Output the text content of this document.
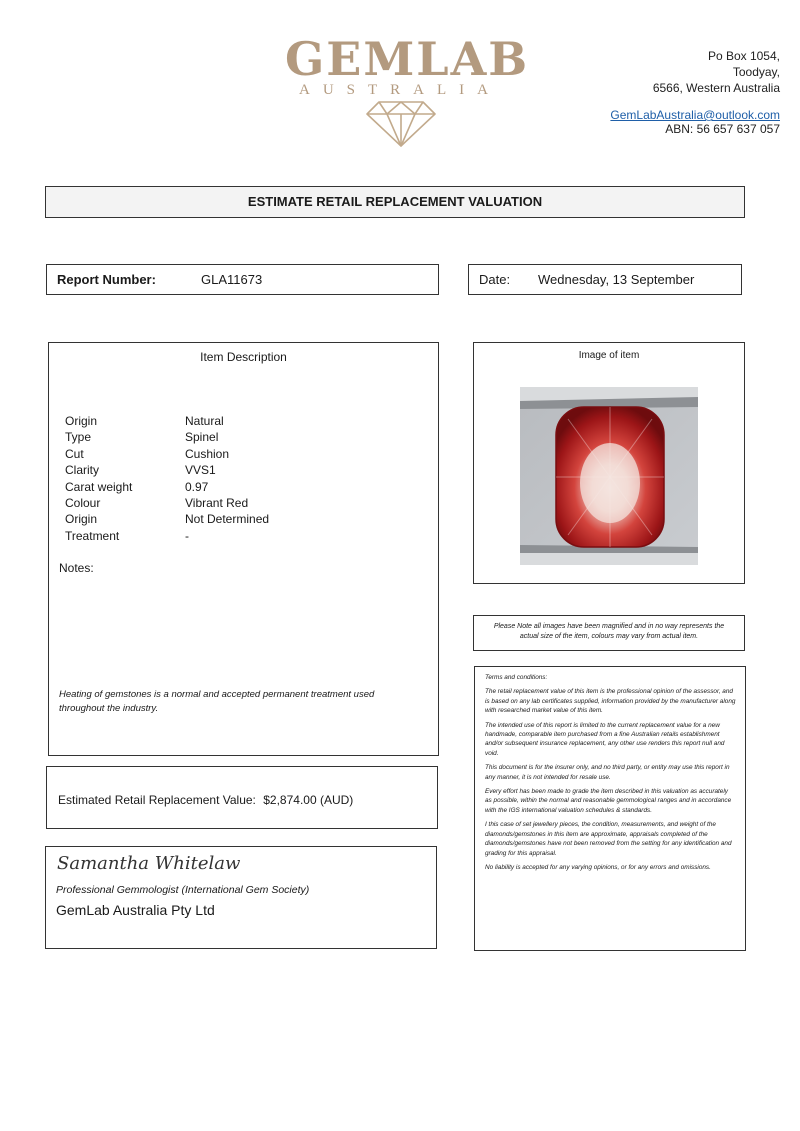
GEMLAB
AUSTRALIA
Po Box 1054,
Toodyay,
6566, Western Australia
GemLabAustralia@outlook.com
ABN: 56 657 637 057
ESTIMATE RETAIL REPLACEMENT VALUATION
Report Number:	GLA11673	Date: Wednesday, 13 September
Item Description
Origin	Natural
Type	Spinel
Cut	Cushion
Clarity	VVS1
Carat weight	0.97
Colour	Vibrant Red
Origin	Not Determined
Treatment	-
Notes:
Heating of gemstones is a normal and accepted permanent treatment used throughout the industry.
Image of item
Please Note all images have been magnified and in no way represents the actual size of the item, colours may vary from actual item.

Terms and conditions:

The retail replacement value of this item is the professional opinion of the assessor, and is based on any lab certificates supplied, information provided by the manufacturer along with researched market value of this item.

The intended use of this report is limited to the current replacement value for a new handmade, comparable item purchased from a fine Australian retails establishment and/or subsequent insurance replacement, any other use renders this report null and void.

This document is for the insurer only, and no third party, or entity may use this report in any manner, it is not intended for resale use.

Every effort has been made to grade the item described in this valuation as accurately as possible, within the normal and reasonable gemmological ranges and in accordance with the IGS international valuation schedules & standards.

I this case of set jewellery pieces, the condition, measurements, and weight of the diamonds/gemstones in this item are approximate, appraisals completed of the diamonds/gemstones have not been removed from the setting for any identification and grading for this appraisal.

No liability is accepted for any varying opinions, or for any errors and omissions.

Estimated Retail Replacement Value: $2,874.00 (AUD)
Samantha Whitelaw
Professional Gemmologist (International Gem Society)
GemLab Australia Pty Ltd
